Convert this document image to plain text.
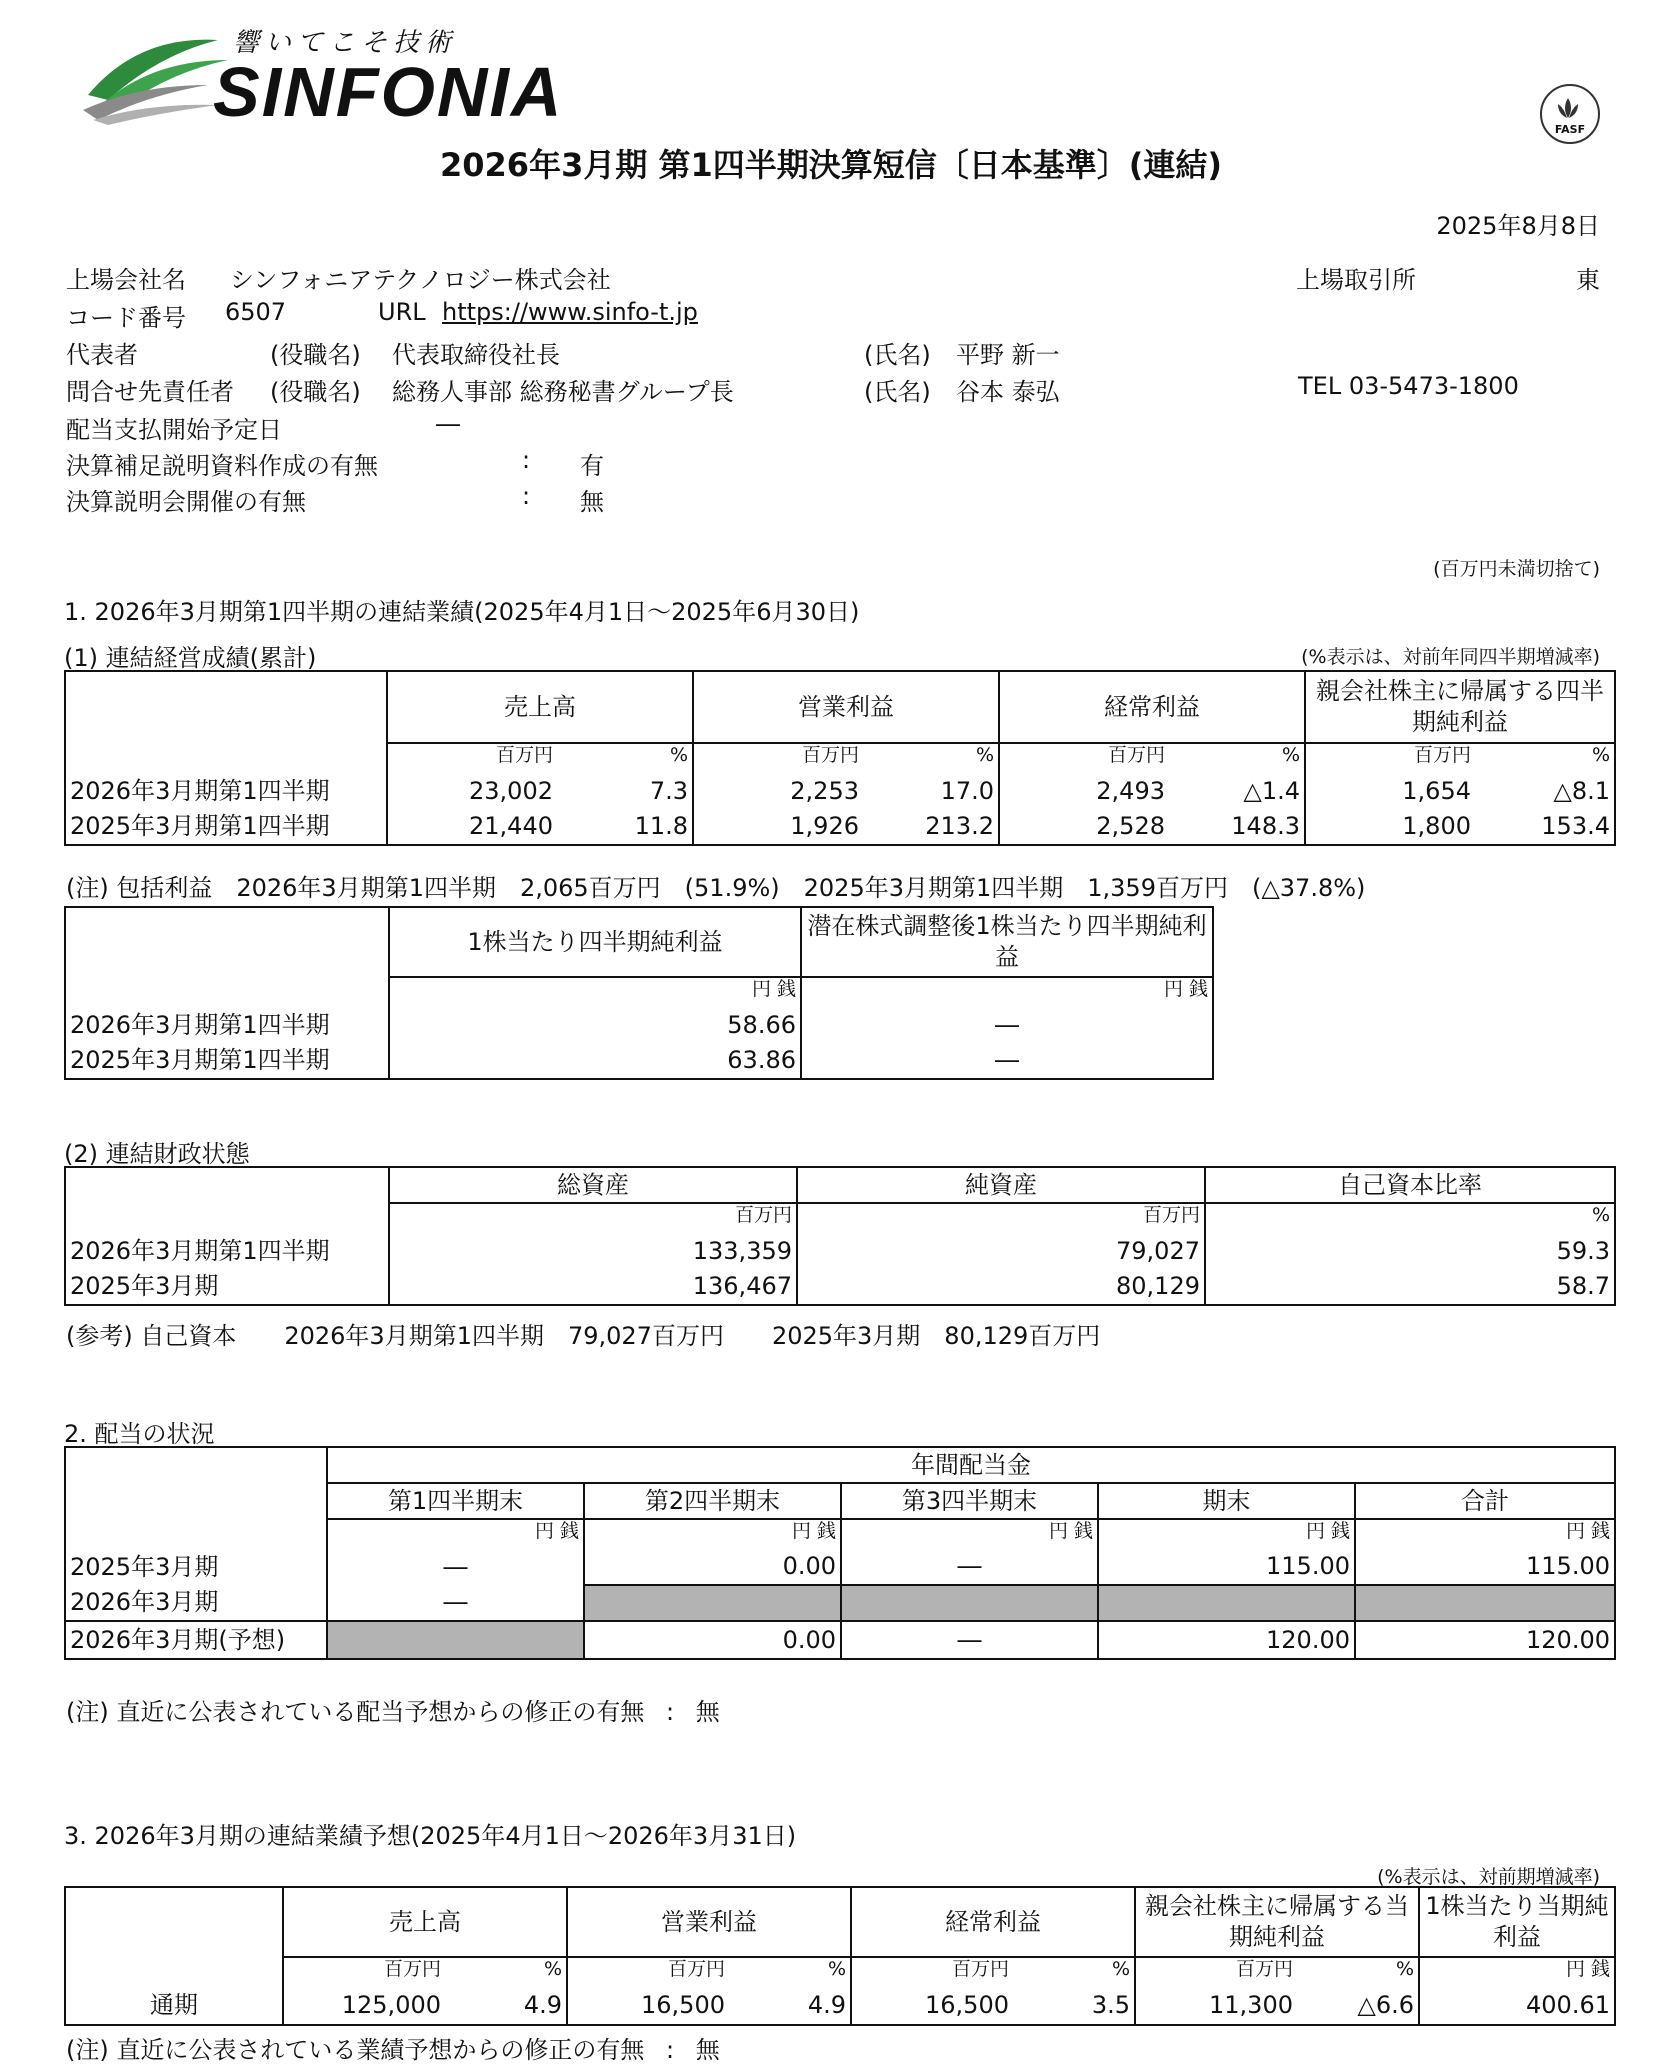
響いてこそ技術
SINFONIA	FASF
2026年3月期 第1四半期決算短信〔日本基準〕(連結)
2025年8月8日
上場会社名 シンフォニアテクノロジー株式会社	上場取引所	東
コード番号 6507	URL https://www.sinfo-t.jp
代表者	(役職名) 代表取締役社長	(氏名) 平野 新一
問合せ先責任者 (役職名) 総務人事部 総務秘書グループ長	(氏名) 谷本 泰弘	TEL 03-5473-1800
配当支払開始予定日	―
決算補足説明資料作成の有無	: 有
決算説明会開催の有無	: 無
(百万円未満切捨て)
1. 2026年3月期第1四半期の連結業績(2025年4月1日～2025年6月30日)
(1) 連結経営成績(累計)	(%表示は、対前年同四半期増減率)
	売上高		営業利益		経常利益		親会社株主に帰属する四半期純利益	
	百万円	%	百万円	%	百万円	%	百万円	%
2026年3月期第1四半期	23,002	7.3	2,253	17.0	2,493	△1.4	1,654	△8.1
2025年3月期第1四半期	21,440	11.8	1,926	213.2	2,528	148.3	1,800	153.4
(注) 包括利益　2026年3月期第1四半期　2,065百万円　(51.9%)　2025年3月期第1四半期　1,359百万円　(△37.8%)
	1株当たり四半期純利益	潜在株式調整後1株当たり四半期純利益
	円 銭	円 銭
2026年3月期第1四半期	58.66	―
2025年3月期第1四半期	63.86	―
(2) 連結財政状態
	総資産	純資産	自己資本比率
	百万円	百万円	%
2026年3月期第1四半期	133,359	79,027	59.3
2025年3月期	136,467	80,129	58.7
(参考) 自己資本　　2026年3月期第1四半期　79,027百万円　　2025年3月期　80,129百万円
2. 配当の状況
	年間配当金				
	第1四半期末	第2四半期末	第3四半期末	期末	合計
	円 銭	円 銭	円 銭	円 銭	円 銭
2025年3月期	―	0.00	―	115.00	115.00
2026年3月期	―				
2026年3月期(予想)		0.00	―	120.00	120.00
(注) 直近に公表されている配当予想からの修正の有無 : 無
3. 2026年3月期の連結業績予想(2025年4月1日～2026年3月31日)
(%表示は、対前期増減率)
	売上高		営業利益		経常利益		親会社株主に帰属する当期純利益		1株当たり当期純利益
	百万円	%	百万円	%	百万円	%	百万円	%	円 銭
通期	125,000	4.9	16,500	4.9	16,500	3.5	11,300	△6.6	400.61
(注) 直近に公表されている業績予想からの修正の有無 : 無
